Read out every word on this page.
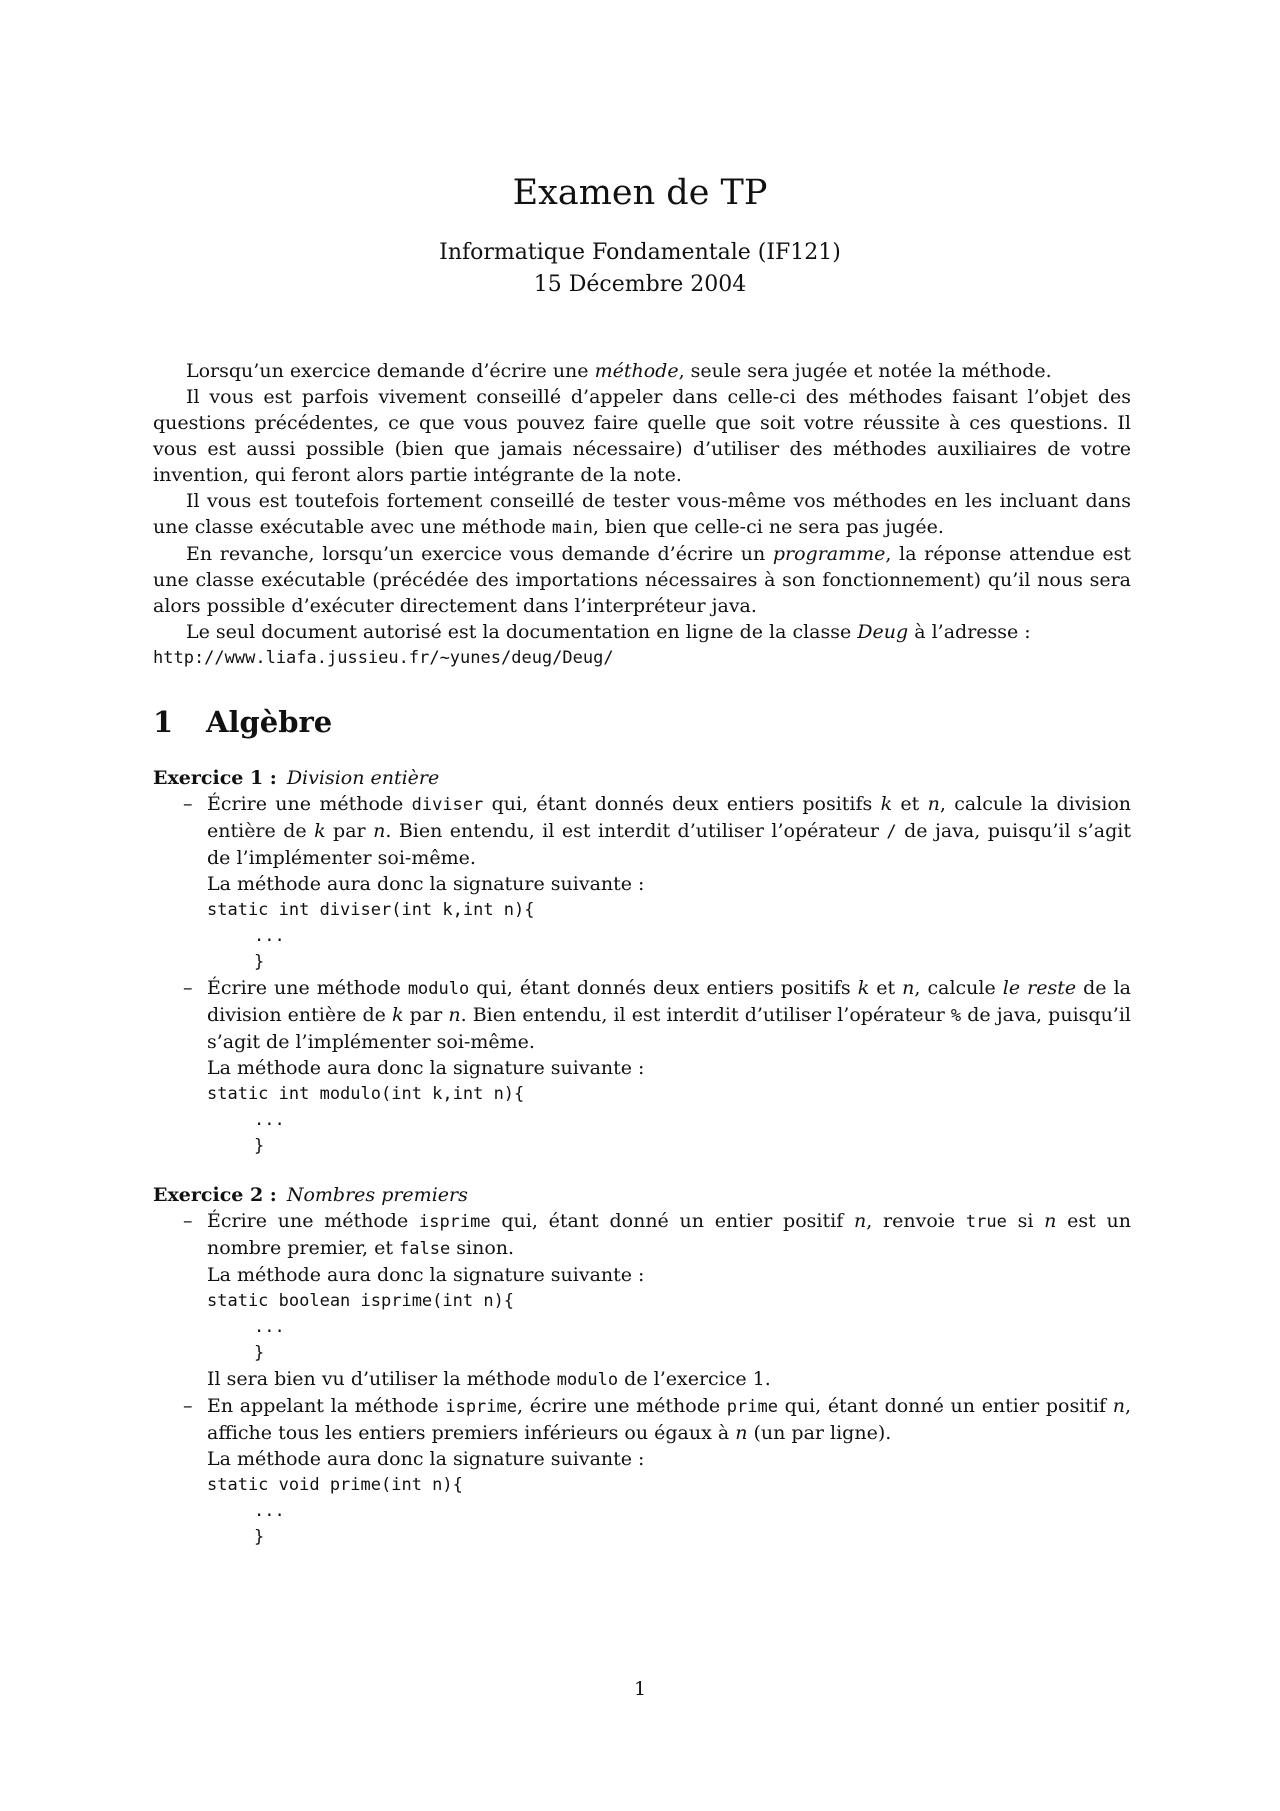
Examen de TP
Informatique Fondamentale (IF121)
15 Décembre 2004

Lorsqu’un exercice demande d’écrire une méthode, seule sera jugée et notée la méthode.

Il vous est parfois vivement conseillé d’appeler dans celle-ci des méthodes faisant l’objet des questions précédentes, ce que vous pouvez faire quelle que soit votre réussite à ces questions. Il vous est aussi possible (bien que jamais nécessaire) d’utiliser des méthodes auxiliaires de votre invention, qui feront alors partie intégrante de la note.

Il vous est toutefois fortement conseillé de tester vous-même vos méthodes en les incluant dans une classe exécutable avec une méthode main, bien que celle-ci ne sera pas jugée.

En revanche, lorsqu’un exercice vous demande d’écrire un programme, la réponse attendue est une classe exécutable (précédée des importations nécessaires à son fonctionnement) qu’il nous sera alors possible d’exécuter directement dans l’interpréteur java.

Le seul document autorisé est la documentation en ligne de la classe Deug à l’adresse :

http://www.liafa.jussieu.fr/~yunes/deug/Deug/
1 Algèbre
Exercice 1 : Division entière
– Écrire une méthode diviser qui, étant donnés deux entiers positifs k et n, calcule la division entière de k par n. Bien entendu, il est interdit d’utiliser l’opérateur / de java, puisqu’il s’agit de l’implémenter soi-même.
La méthode aura donc la signature suivante :
static int diviser(int k,int n){
...
}
– Écrire une méthode modulo qui, étant donnés deux entiers positifs k et n, calcule le reste de la division entière de k par n. Bien entendu, il est interdit d’utiliser l’opérateur % de java, puisqu’il s’agit de l’implémenter soi-même.
La méthode aura donc la signature suivante :
static int modulo(int k,int n){
...
}
Exercice 2 : Nombres premiers
– Écrire une méthode isprime qui, étant donné un entier positif n, renvoie true si n est un nombre premier, et false sinon.
La méthode aura donc la signature suivante :
static boolean isprime(int n){
...
}
Il sera bien vu d’utiliser la méthode modulo de l’exercice 1.
– En appelant la méthode isprime, écrire une méthode prime qui, étant donné un entier positif n, affiche tous les entiers premiers inférieurs ou égaux à n (un par ligne).
La méthode aura donc la signature suivante :
static void prime(int n){
...
}
1
